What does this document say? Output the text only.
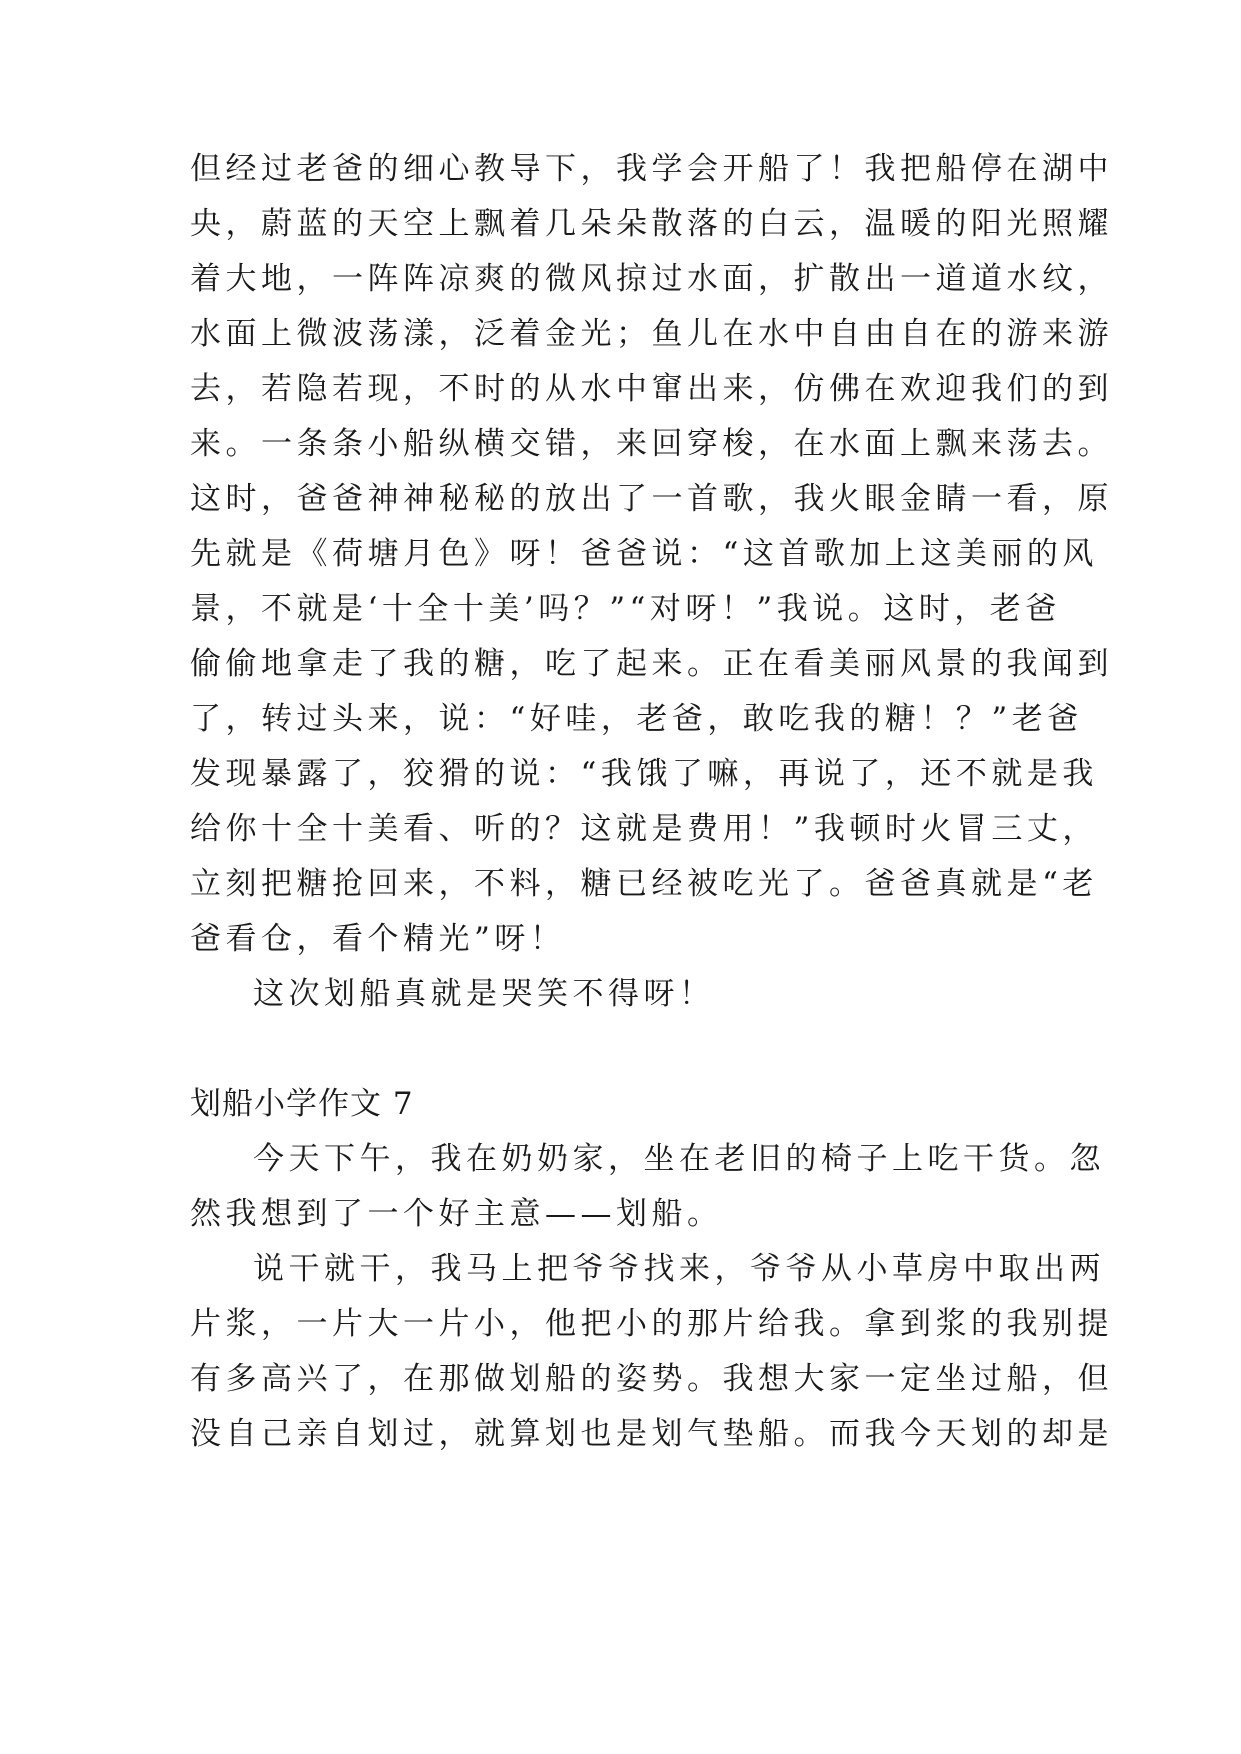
但经过老爸的细心教导下，我学会开船了！我把船停在湖中
央，蔚蓝的天空上飘着几朵朵散落的白云，温暖的阳光照耀
着大地，一阵阵凉爽的微风掠过水面，扩散出一道道水纹，
水面上微波荡漾，泛着金光；鱼儿在水中自由自在的游来游
去，若隐若现，不时的从水中窜出来，仿佛在欢迎我们的到
来。一条条小船纵横交错，来回穿梭，在水面上飘来荡去。
这时，爸爸神神秘秘的放出了一首歌，我火眼金睛一看，原
先就是《荷塘月色》呀！爸爸说：“这首歌加上这美丽的风
景，不就是‘十全十美’吗？”“对呀！”我说。这时，老爸
偷偷地拿走了我的糖，吃了起来。正在看美丽风景的我闻到
了，转过头来，说：“好哇，老爸，敢吃我的糖！？”老爸
发现暴露了，狡猾的说：“我饿了嘛，再说了，还不就是我
给你十全十美看、听的？这就是费用！”我顿时火冒三丈，
立刻把糖抢回来，不料，糖已经被吃光了。爸爸真就是“老
爸看仓，看个精光”呀！
这次划船真就是哭笑不得呀！
划船小学作文 7
今天下午，我在奶奶家，坐在老旧的椅子上吃干货。忽
然我想到了一个好主意——划船。
说干就干，我马上把爷爷找来，爷爷从小草房中取出两
片浆，一片大一片小，他把小的那片给我。拿到浆的我别提
有多高兴了，在那做划船的姿势。我想大家一定坐过船，但
没自己亲自划过，就算划也是划气垫船。而我今天划的却是
